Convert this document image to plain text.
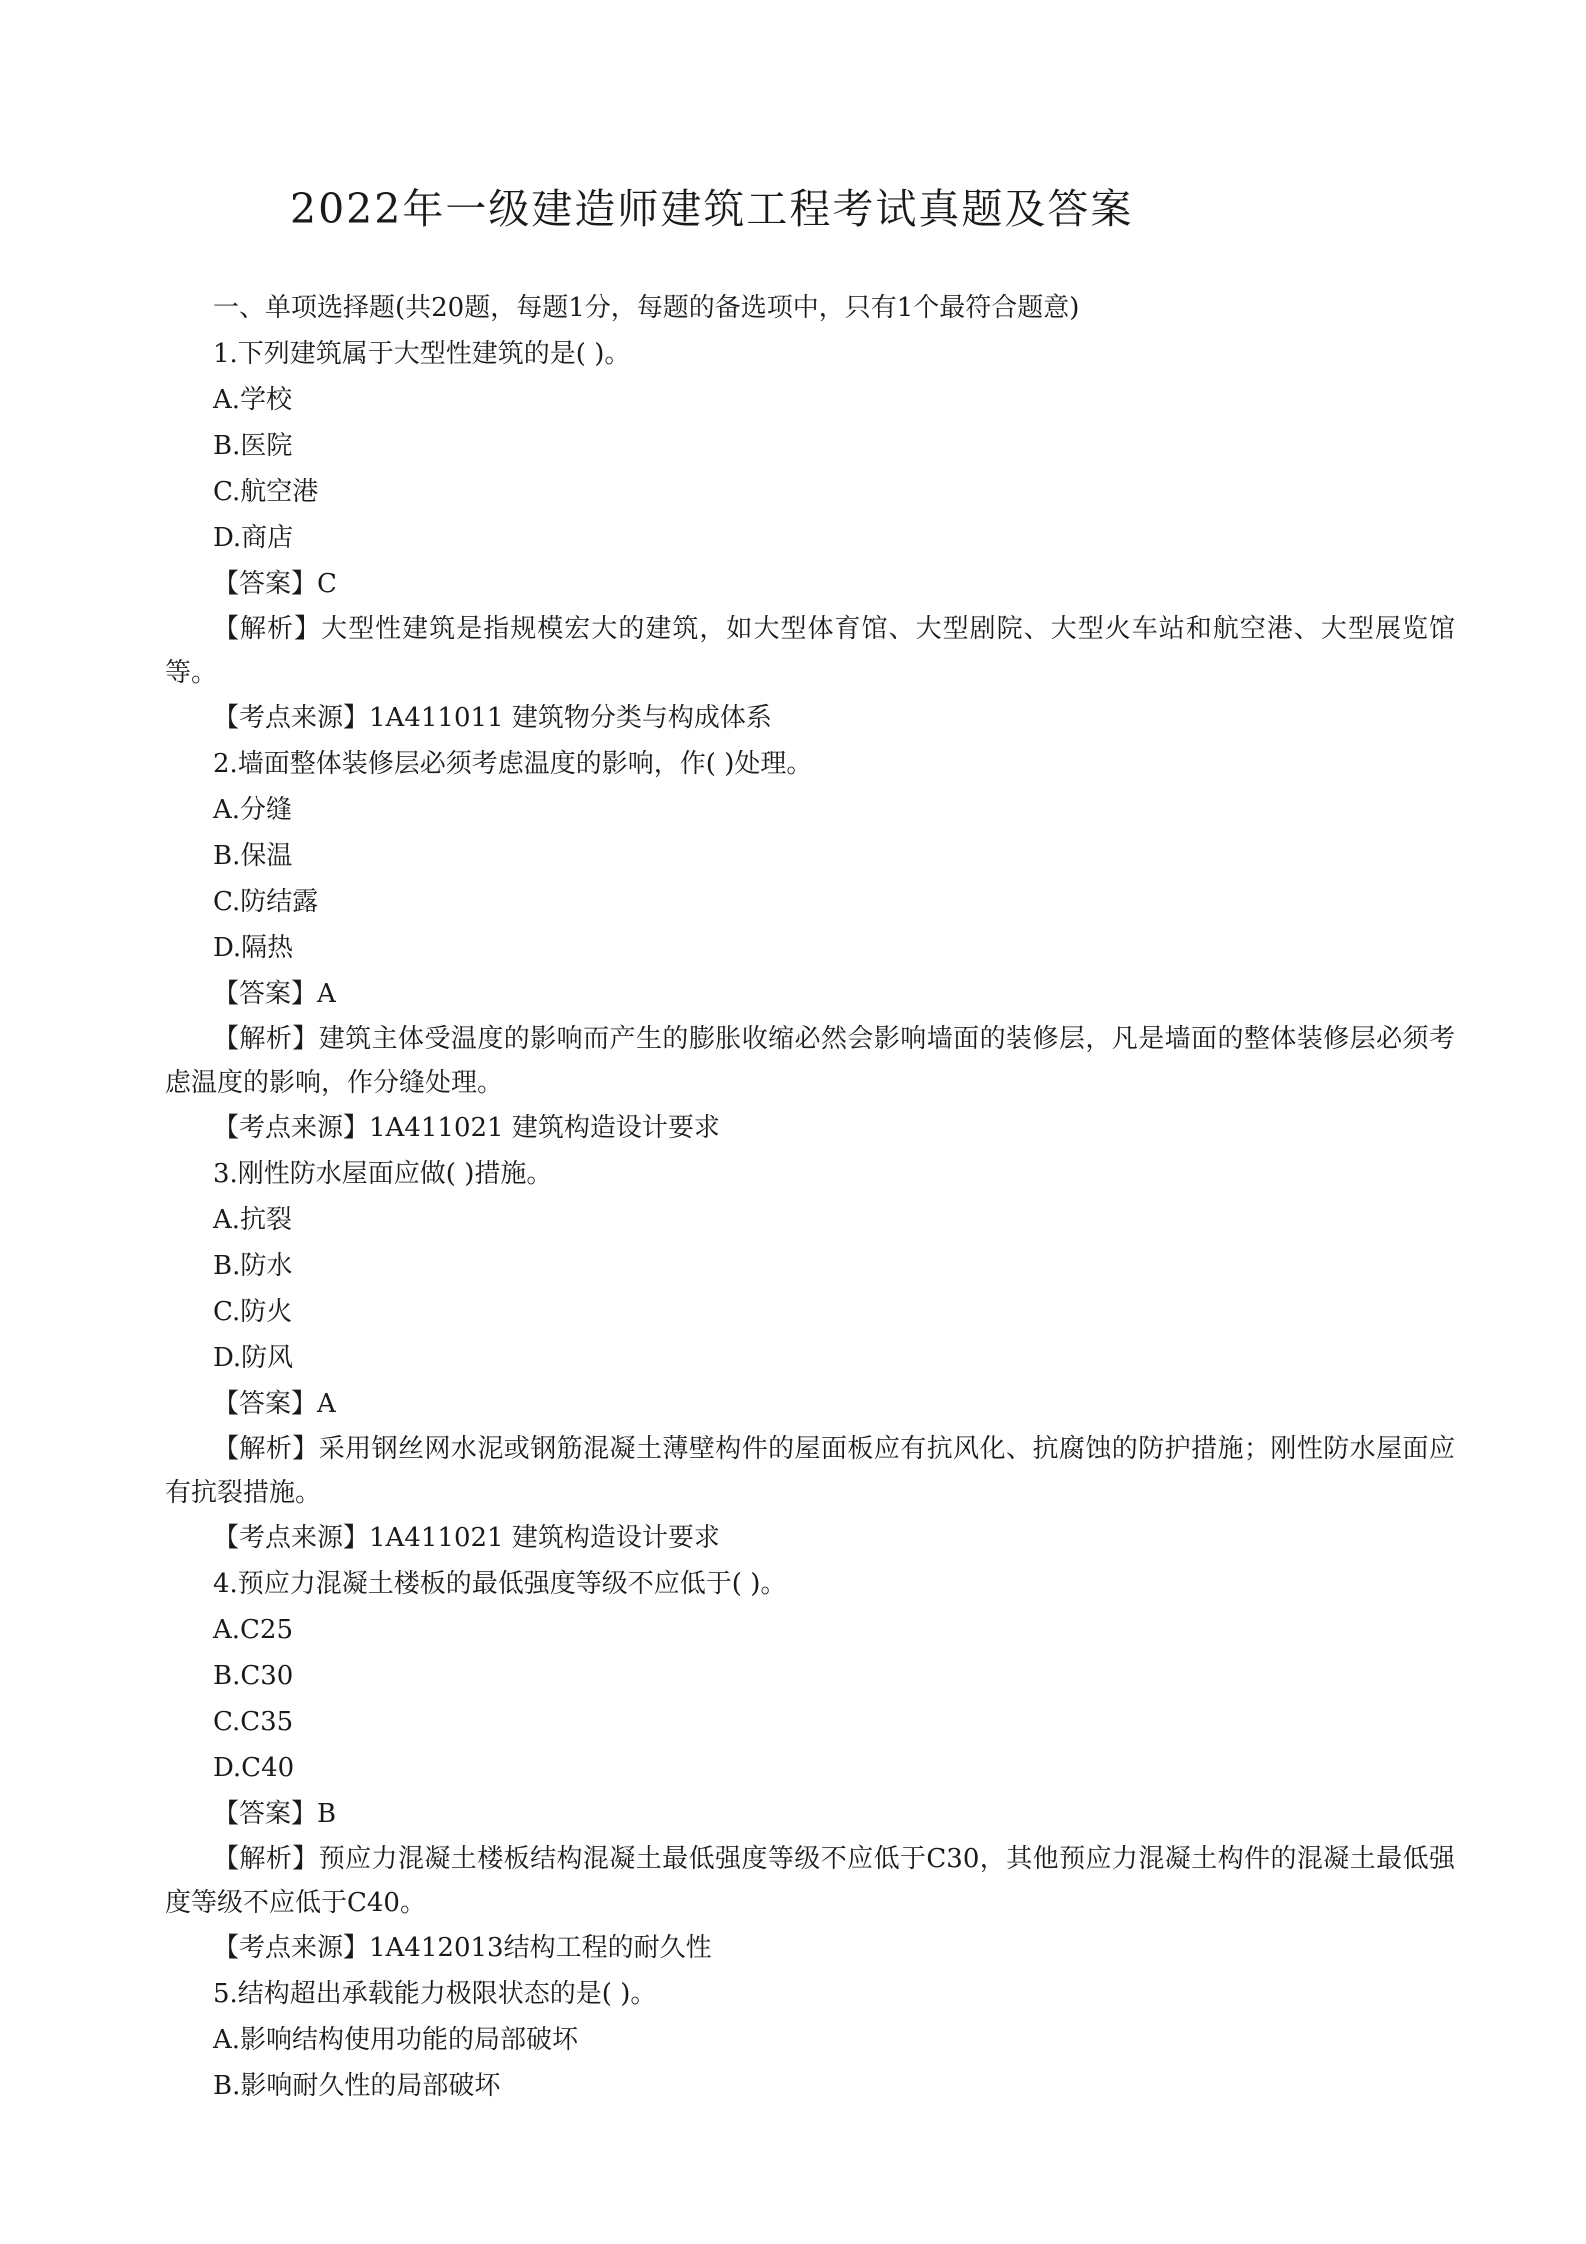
2022年一级建造师建筑工程考试真题及答案

一、单项选择题(共20题，每题1分，每题的备选项中，只有1个最符合题意)

1.下列建筑属于大型性建筑的是( )。

A.学校

B.医院

C.航空港

D.商店

【答案】C

【解析】大型性建筑是指规模宏大的建筑，如大型体育馆、大型剧院、大型火车站和航空港、大型展览馆等。

【考点来源】1A411011 建筑物分类与构成体系

2.墙面整体装修层必须考虑温度的影响，作( )处理。

A.分缝

B.保温

C.防结露

D.隔热

【答案】A

【解析】建筑主体受温度的影响而产生的膨胀收缩必然会影响墙面的装修层，凡是墙面的整体装修层必须考虑温度的影响，作分缝处理。

【考点来源】1A411021 建筑构造设计要求

3.刚性防水屋面应做( )措施。

A.抗裂

B.防水

C.防火

D.防风

【答案】A

【解析】采用钢丝网水泥或钢筋混凝土薄壁构件的屋面板应有抗风化、抗腐蚀的防护措施；刚性防水屋面应有抗裂措施。

【考点来源】1A411021 建筑构造设计要求

4.预应力混凝土楼板的最低强度等级不应低于( )。

A.C25

B.C30

C.C35

D.C40

【答案】B

【解析】预应力混凝土楼板结构混凝土最低强度等级不应低于C30，其他预应力混凝土构件的混凝土最低强度等级不应低于C40。

【考点来源】1A412013结构工程的耐久性

5.结构超出承载能力极限状态的是( )。

A.影响结构使用功能的局部破坏

B.影响耐久性的局部破坏
